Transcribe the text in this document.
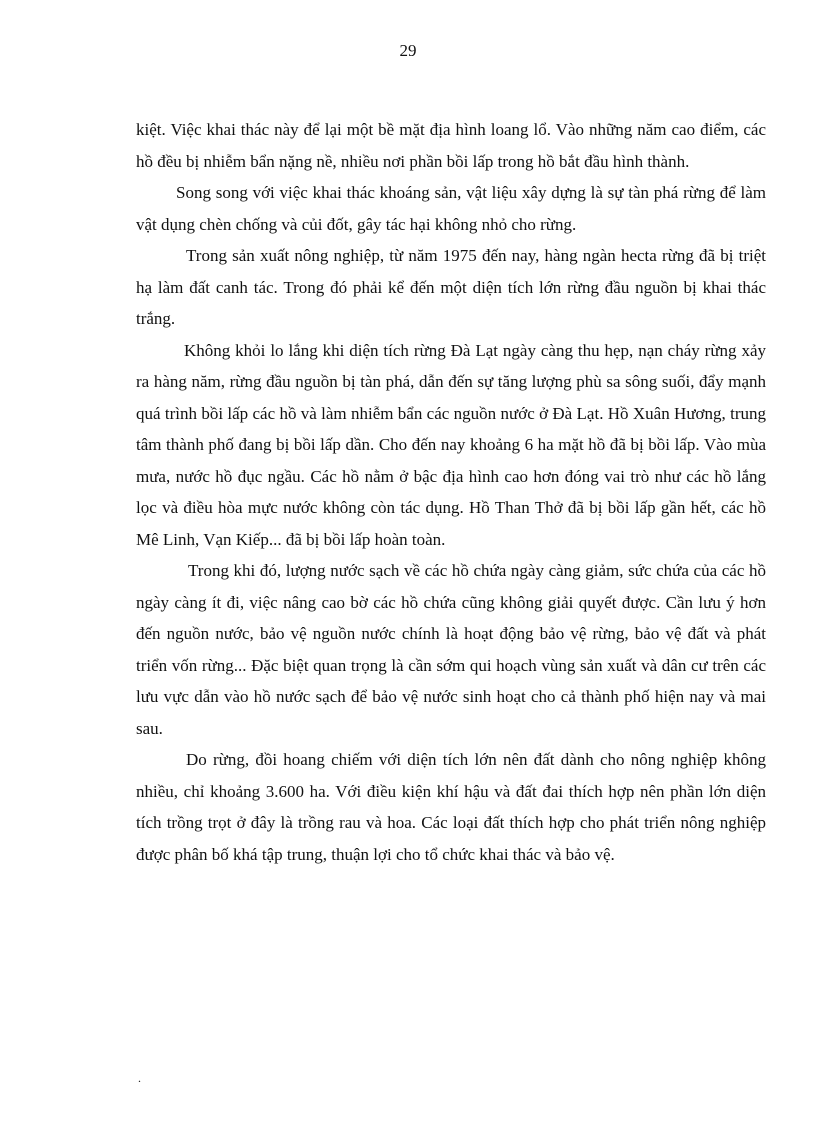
29

kiệt. Việc khai thác này để lại một bề mặt địa hình loang lổ. Vào những năm cao điểm, các hồ đều bị nhiễm bẩn nặng nề, nhiều nơi phần bồi lấp trong hồ bắt đầu hình thành.

Song song với việc khai thác khoáng sản, vật liệu xây dựng là sự tàn phá rừng để làm vật dụng chèn chống và củi đốt, gây tác hại không nhỏ cho rừng.

Trong sản xuất nông nghiệp, từ năm 1975 đến nay, hàng ngàn hecta rừng đã bị triệt hạ làm đất canh tác. Trong đó phải kể đến một diện tích lớn rừng đầu nguồn bị khai thác trắng.

Không khỏi lo lắng khi diện tích rừng Đà Lạt ngày càng thu hẹp, nạn cháy rừng xảy ra hàng năm, rừng đầu nguồn bị tàn phá, dẫn đến sự tăng lượng phù sa sông suối, đẩy mạnh quá trình bồi lấp các hồ và làm nhiễm bẩn các nguồn nước ở Đà Lạt. Hồ Xuân Hương, trung tâm thành phố đang bị bồi lấp dần. Cho đến nay khoảng 6 ha mặt hồ đã bị bồi lấp. Vào mùa mưa, nước hồ đục ngầu. Các hồ nằm ở bậc địa hình cao hơn đóng vai trò như các hồ lắng lọc và điều hòa mực nước không còn tác dụng. Hồ Than Thở đã bị bồi lấp gần hết, các hồ Mê Linh, Vạn Kiếp... đã bị bồi lấp hoàn toàn.

Trong khi đó, lượng nước sạch về các hồ chứa ngày càng giảm, sức chứa của các hồ ngày càng ít đi, việc nâng cao bờ các hồ chứa cũng không giải quyết được. Cần lưu ý hơn đến nguồn nước, bảo vệ nguồn nước chính là hoạt động bảo vệ rừng, bảo vệ đất và phát triển vốn rừng... Đặc biệt quan trọng là cần sớm qui hoạch vùng sản xuất và dân cư trên các lưu vực dẫn vào hồ nước sạch để bảo vệ nước sinh hoạt cho cả thành phố hiện nay và mai sau.

Do rừng, đồi hoang chiếm với diện tích lớn nên đất dành cho nông nghiệp không nhiều, chỉ khoảng 3.600 ha. Với điều kiện khí hậu và đất đai thích hợp nên phần lớn diện tích trồng trọt ở đây là trồng rau và hoa. Các loại đất thích hợp cho phát triển nông nghiệp được phân bố khá tập trung, thuận lợi cho tổ chức khai thác và bảo vệ.

.
